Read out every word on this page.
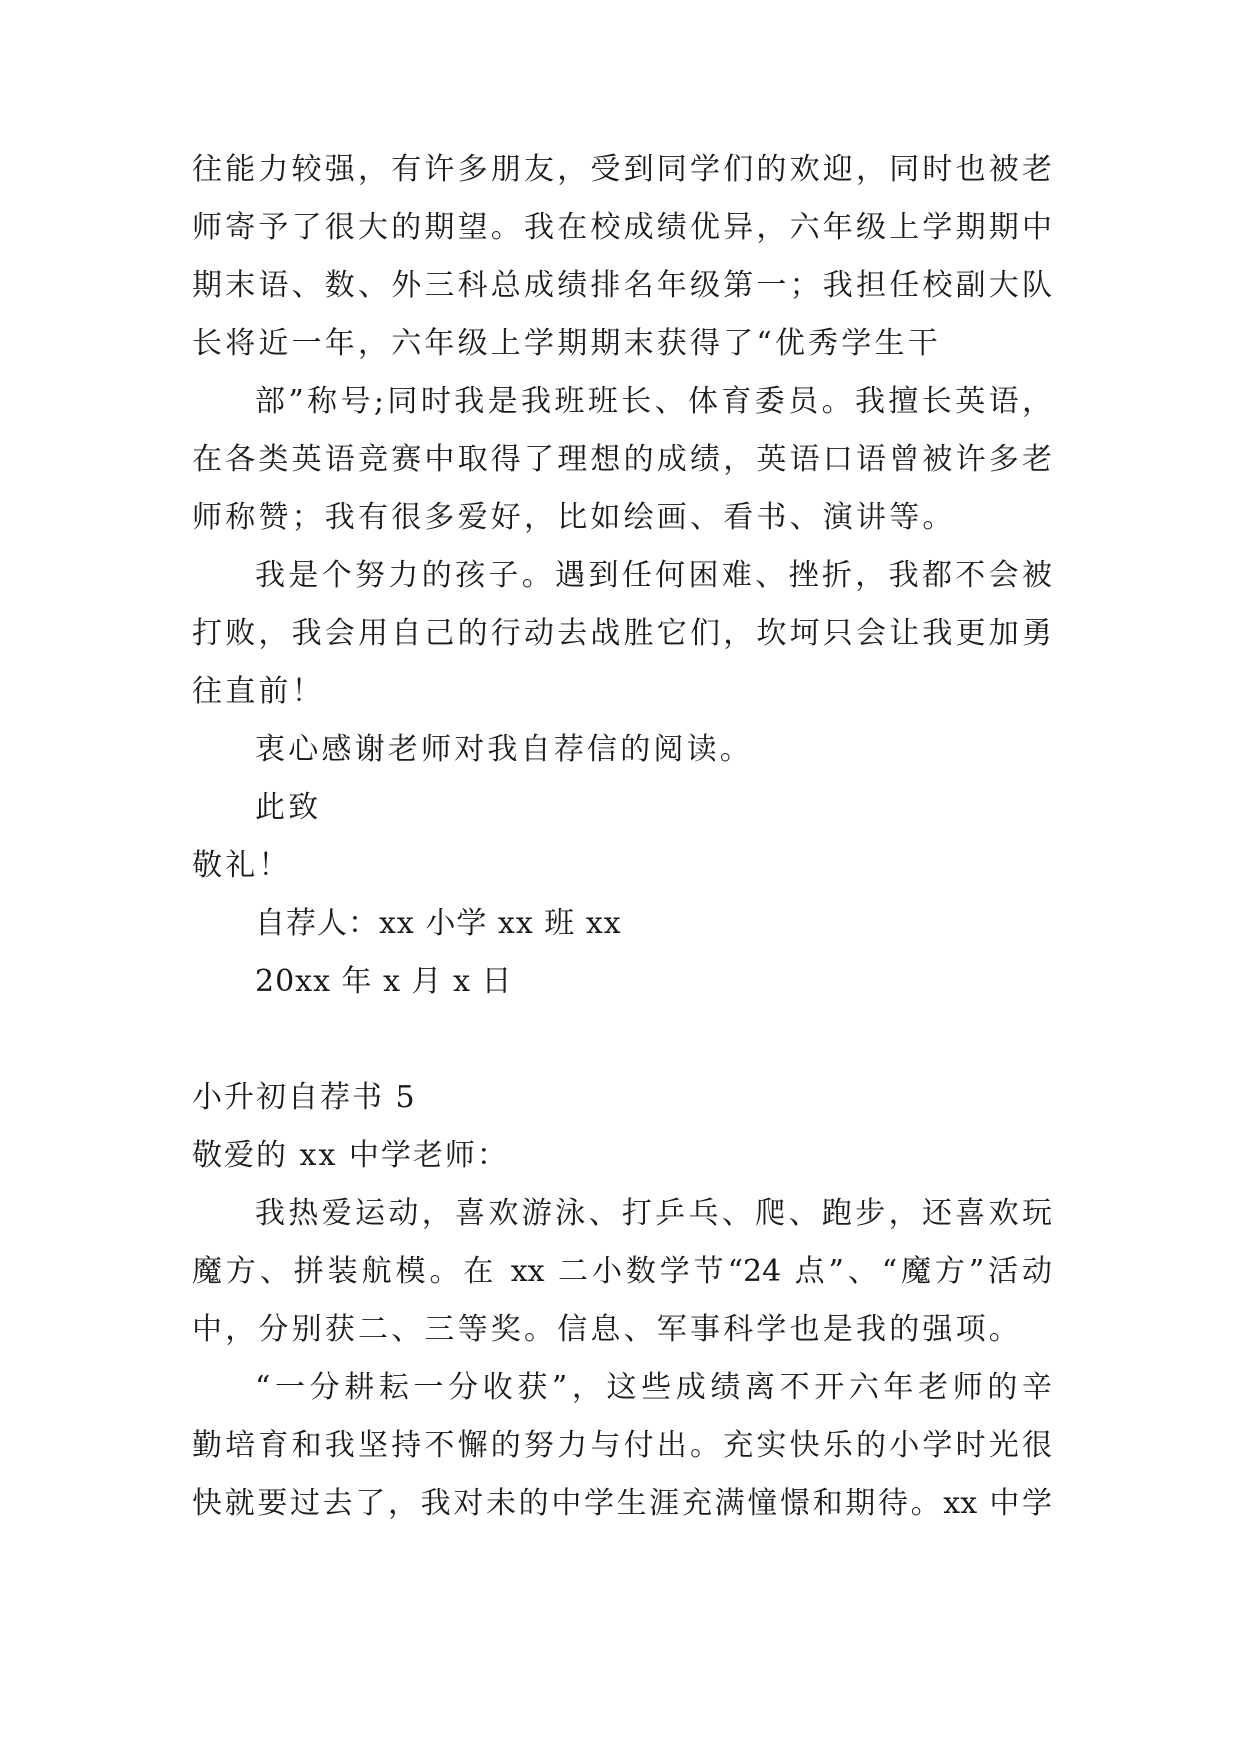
往能力较强，有许多朋友，受到同学们的欢迎，同时也被老
师寄予了很大的期望。我在校成绩优异，六年级上学期期中
期末语、数、外三科总成绩排名年级第一；我担任校副大队
长将近一年，六年级上学期期末获得了“优秀学生干
部”称号;同时我是我班班长、体育委员。我擅长英语，
在各类英语竞赛中取得了理想的成绩，英语口语曾被许多老
师称赞；我有很多爱好，比如绘画、看书、演讲等。
我是个努力的孩子。遇到任何困难、挫折，我都不会被
打败，我会用自己的行动去战胜它们，坎坷只会让我更加勇
往直前！
衷心感谢老师对我自荐信的阅读。
此致
敬礼！
自荐人：xx 小学 xx 班 xx
20xx 年 x 月 x 日
小升初自荐书 5
敬爱的 xx 中学老师：
我热爱运动，喜欢游泳、打乒乓、爬、跑步，还喜欢玩
魔方、拼装航模。在 xx 二小数学节“24 点”、“魔方”活动
中，分别获二、三等奖。信息、军事科学也是我的强项。
“一分耕耘一分收获”，这些成绩离不开六年老师的辛
勤培育和我坚持不懈的努力与付出。充实快乐的小学时光很
快就要过去了，我对未的中学生涯充满憧憬和期待。xx 中学
